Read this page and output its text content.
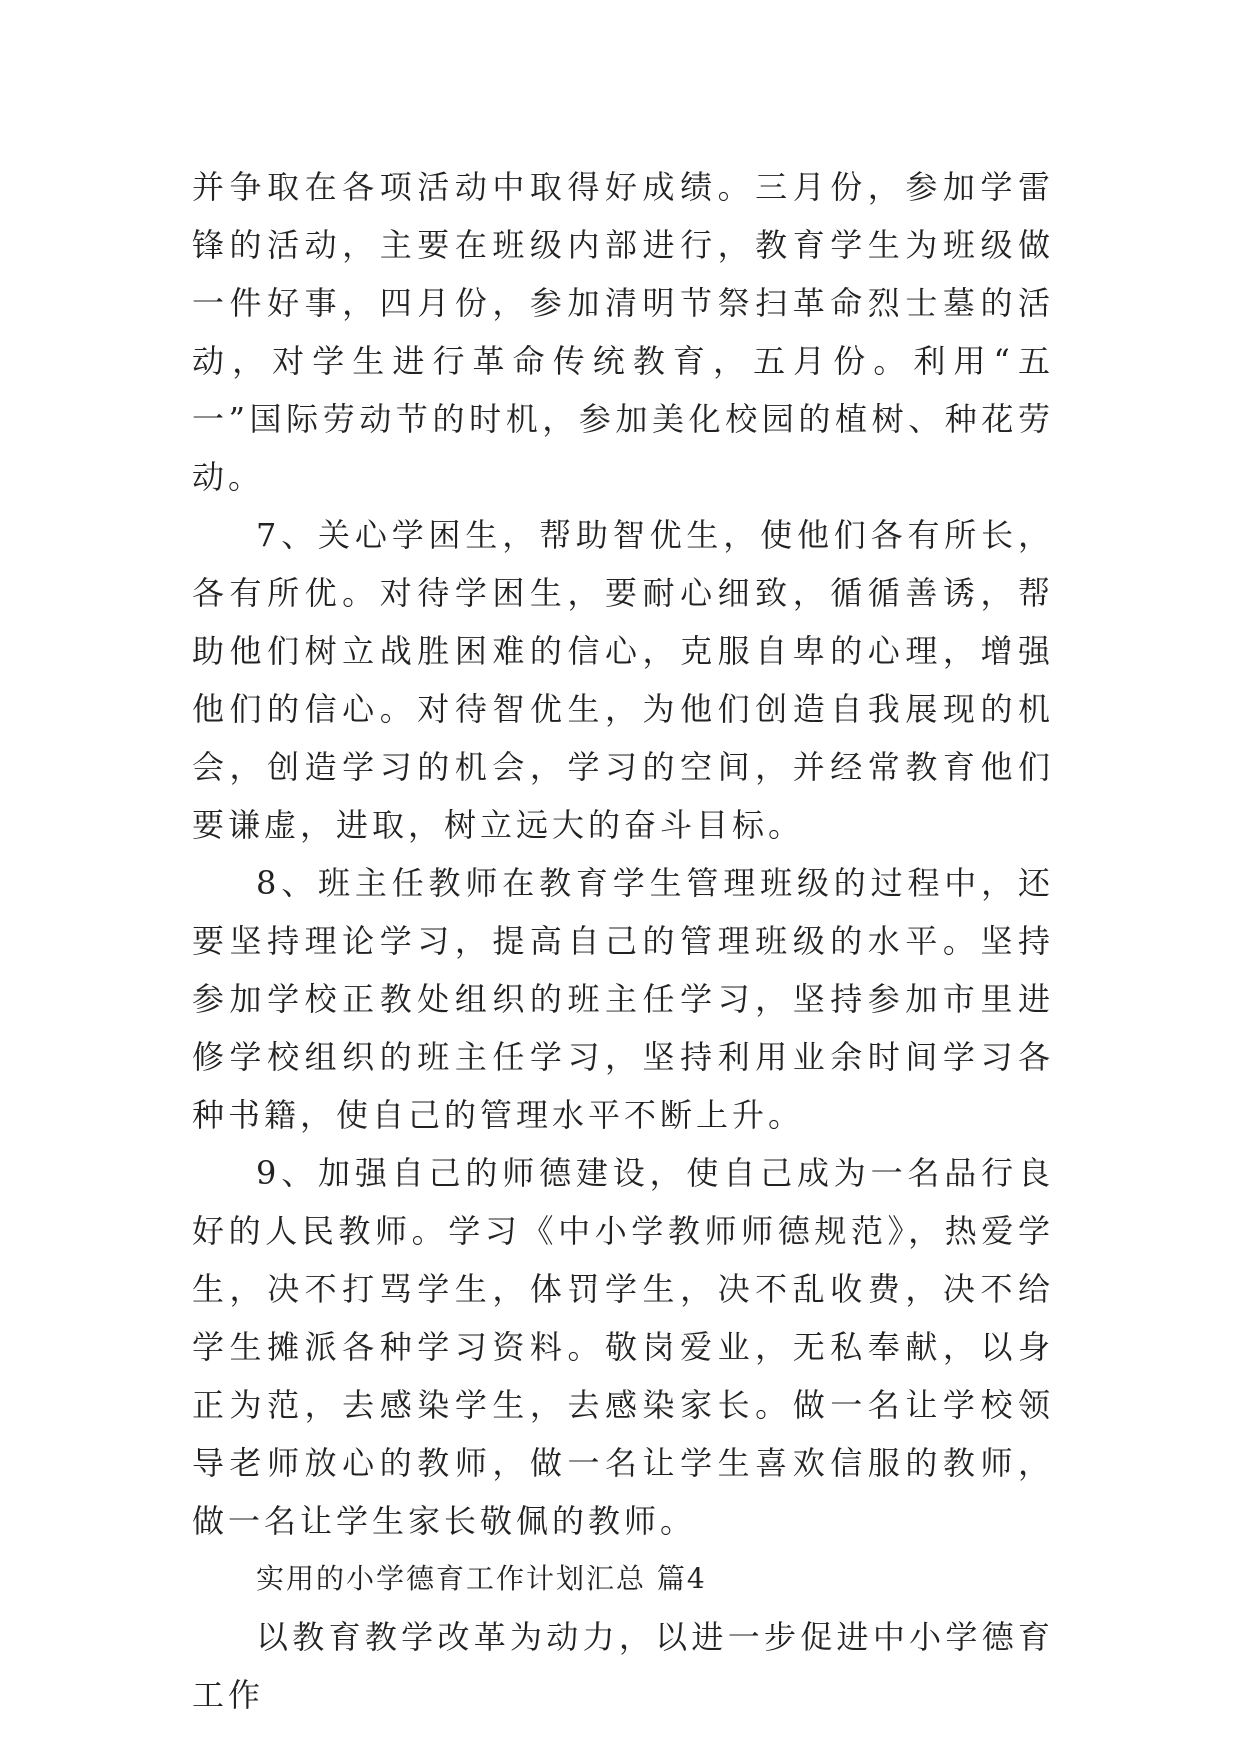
并争取在各项活动中取得好成绩。三月份，参加学雷锋的活动，主要在班级内部进行，教育学生为班级做一件好事，四月份，参加清明节祭扫革命烈士墓的活动，对学生进行革命传统教育，五月份。利用“五一”国际劳动节的时机，参加美化校园的植树、种花劳动。

7、关心学困生，帮助智优生，使他们各有所长，各有所优。对待学困生，要耐心细致，循循善诱，帮助他们树立战胜困难的信心，克服自卑的心理，增强他们的信心。对待智优生，为他们创造自我展现的机会，创造学习的机会，学习的空间，并经常教育他们要谦虚，进取，树立远大的奋斗目标。

8、班主任教师在教育学生管理班级的过程中，还要坚持理论学习，提高自己的管理班级的水平。坚持参加学校正教处组织的班主任学习，坚持参加市里进修学校组织的班主任学习，坚持利用业余时间学习各种书籍，使自己的管理水平不断上升。

9、加强自己的师德建设，使自己成为一名品行良好的人民教师。学习《中小学教师师德规范》，热爱学生，决不打骂学生，体罚学生，决不乱收费，决不给学生摊派各种学习资料。敬岗爱业，无私奉献，以身正为范，去感染学生，去感染家长。做一名让学校领导老师放心的教师，做一名让学生喜欢信服的教师，做一名让学生家长敬佩的教师。

实用的小学德育工作计划汇总 篇4

以教育教学改革为动力，以进一步促进中小学德育工作
